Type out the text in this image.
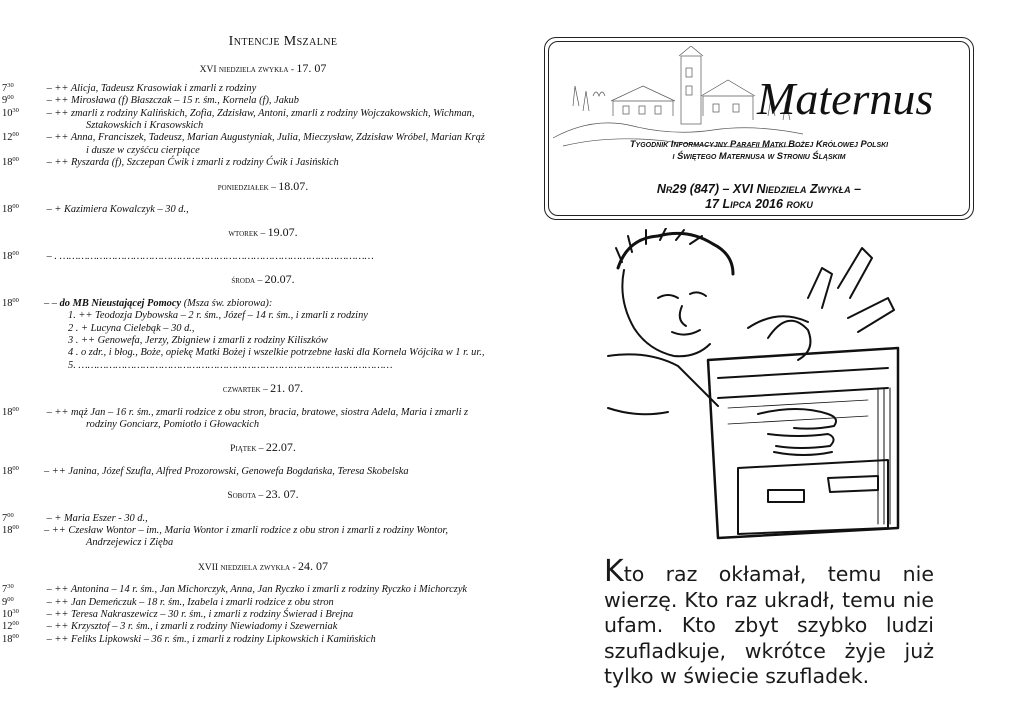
Intencje Mszalne
XVI niedziela zwykła - 17. 07
$7^{30}$	– ++ Alicja, Tadeusz Krasowiak i zmarli z rodziny
$9^{00}$	– ++ Mirosława (f) Błaszczak – 15 r. śm., Kornela (f), Jakub
$10^{30}$ – ++ zmarli z rodziny Kalińskich, Zofia, Zdzisław, Antoni, zmarli z rodziny Wojczakowskich, Wichman, Sztakowskich i Krasowskich
$12^{00}$ – ++ Anna, Franciszek, Tadeusz, Marian Augustyniak, Julia, Mieczysław, Zdzisław Wróbel, Marian Krąż i dusze w czyśćcu cierpiące
$18^{00}$ – ++ Ryszarda (f), Szczepan Ćwik i zmarli z rodziny Ćwik i Jasińskich
poniedziałek – 18.07.
$18^{00}$ – + Kazimiera Kowalczyk – 30 d.,
wtorek – 19.07.
$18^{00}$ – . …………………………………………………………………………………………
środa – 20.07.
$18^{00}$ – – do MB Nieustającej Pomocy (Msza św. zbiorowa):
1. ++ Teodozja Dybowska – 2 r. śm., Józef – 14 r. śm., i zmarli z rodziny
2 . + Lucyna Cielebąk – 30 d.,
3 . ++ Genowefa, Jerzy, Zbigniew i zmarli z rodziny Kiliszków
4 . o zdr., i błog., Boże, opiekę Matki Bożej i wszelkie potrzebne łaski dla Kornela Wójcika w 1 r. ur.,
5. …………………………………………………………………………………………
czwartek – 21. 07.
$18^{00}$ – ++ mąż Jan – 16 r. śm., zmarli rodzice z obu stron, bracia, bratowe, siostra Adela, Maria i zmarli z rodziny Gonciarz, Pomiotło i Głowackich
Piątek – 22.07.
$18^{00}$ – ++ Janina, Józef Szufla, Alfred Prozorowski, Genowefa Bogdańska, Teresa Skobelska
Sobota – 23. 07.
$7^{00}$	– + Maria Eszer - 30 d.,
$18^{00}$ – ++ Czesław Wontor – im., Maria Wontor i zmarli rodzice z obu stron i zmarli z rodziny Wontor, Andrzejewicz i Zięba
XVII niedziela zwykła - 24. 07
$7^{30}$	– ++ Antonina – 14 r. śm., Jan Michorczyk, Anna, Jan Ryczko i zmarli z rodziny Ryczko i Michorczyk
$9^{00}$	– ++ Jan Demeńczuk – 18 r. śm., Izabela i zmarli rodzice z obu stron
$10^{30}$ – ++ Teresa Nakraszewicz – 30 r. śm., i zmarli z rodziny Świerad i Brejna
$12^{00}$ – ++ Krzysztof – 3 r. śm., i zmarli z rodziny Niewiadomy i Szewerniak
$18^{00}$ – ++ Feliks Lipkowski – 36 r. śm., i zmarli z rodziny Lipkowskich i Kamińskich
Maternus
Tygodnik Informacyjny Parafii Matki Bożej Królowej Polski
i Świętego Maternusa w Stroniu Śląskim
Nr29 (847) – XVI Niedziela Zwykła –
17 Lipca 2016 roku
Kto raz okłamał, temu nie wierzę. Kto raz ukradł, temu nie ufam. Kto zbyt szybko ludzi szufladkuje, wkrótce żyje już tylko w świecie szufladek.
